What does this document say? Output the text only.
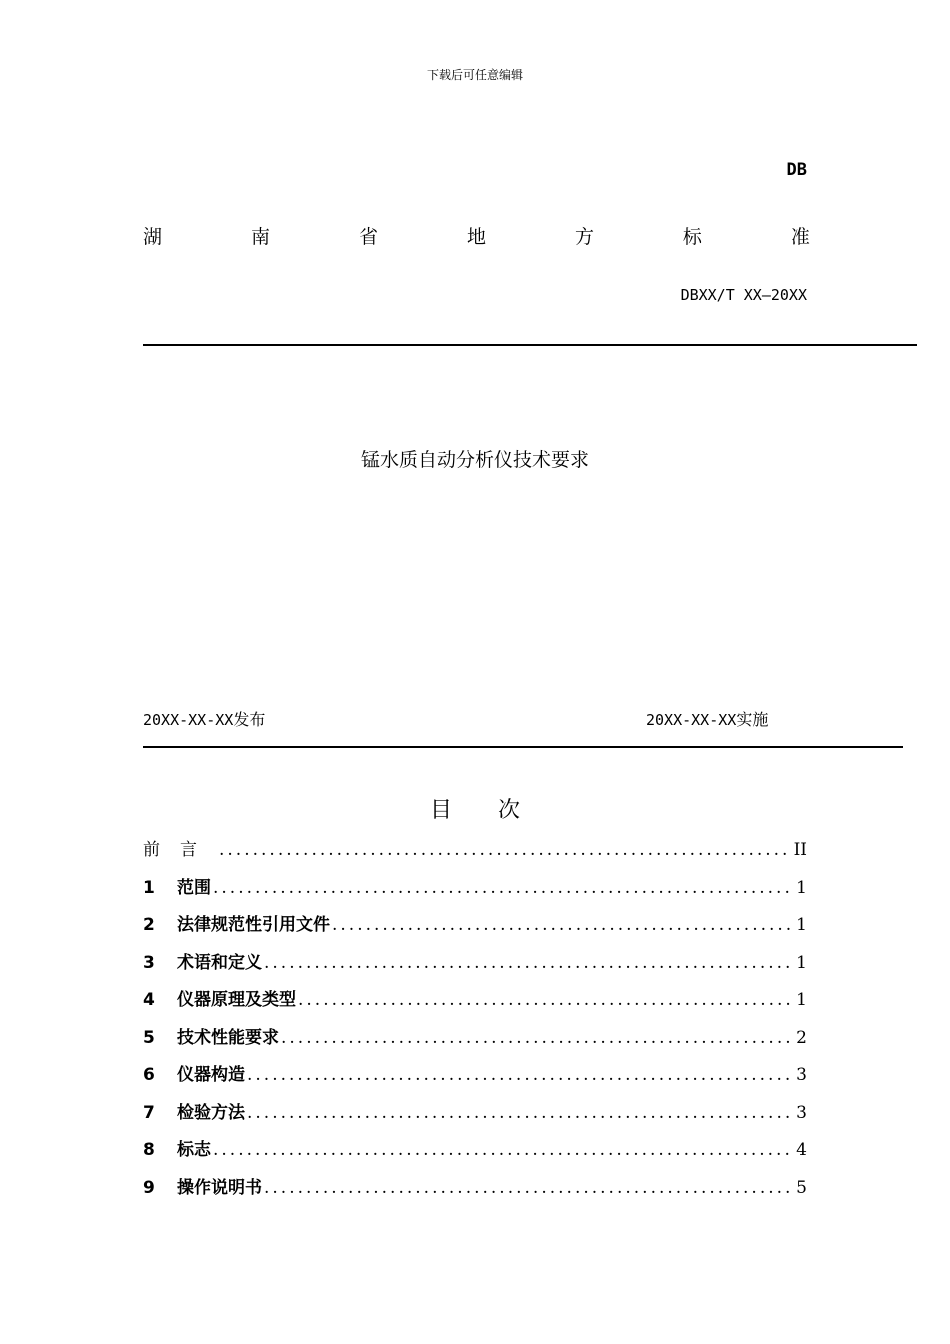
下载后可任意编辑
DB
湖	南	省	地	方	标	准
DBXX/T XX—20XX
锰水质自动分析仪技术要求
20XX-XX-XX发布	20XX-XX-XX实施
目 次
前言 .....	II
1	范围 .....	1
2	法律规范性引用文件 .....	1
3	术语和定义 .....	1
4	仪器原理及类型 .....	1
5	技术性能要求 .....	2
6	仪器构造 .....	3
7	检验方法 .....	3
8	标志 .....	4
9	操作说明书 .....	5
